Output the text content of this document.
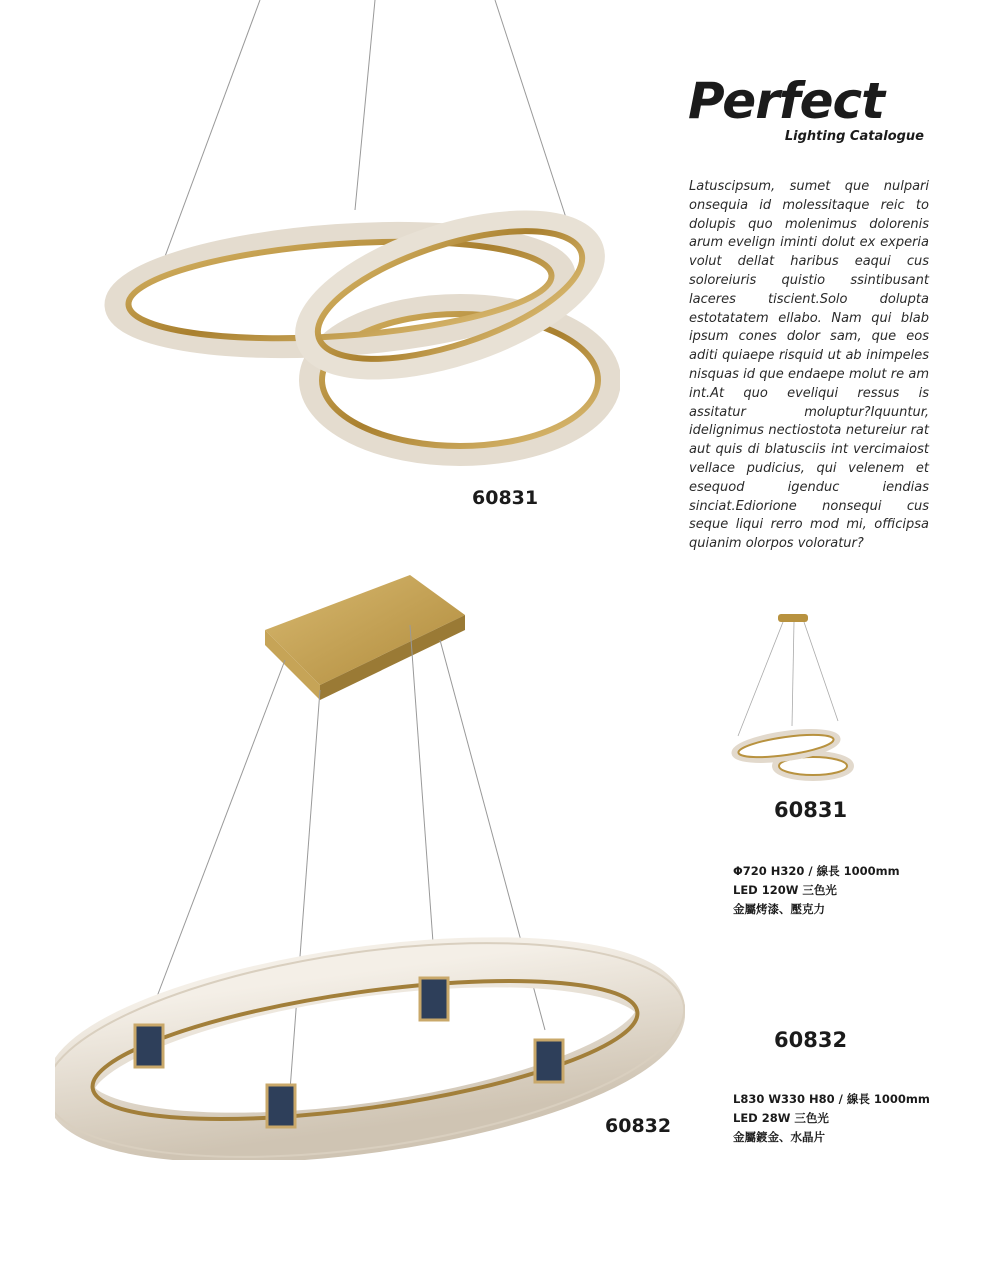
Perfect
Lighting Catalogue

Latuscipsum, sumet que nulpari onsequia id molessitaque reic to dolupis quo molenimus dolorenis arum evelign iminti dolut ex experia volut dellat haribus eaqui cus soloreiuris quistio ssintibusant laceres tiscient.Solo dolupta estotatatem ellabo. Nam qui blab ipsum cones dolor sam, que eos aditi quiaepe risquid ut ab inimpeles nisquas id que endaepe molut re am int.At quo eveliqui ressus is assitatur moluptur?Iquuntur, idelignimus nectiostota netureiur rat aut quis di blatusciis int vercimaiost vellace pudicius, qui velenem et esequod igenduc iendias sinciat.Ediorione nonsequi cus seque liqui rerro mod mi, officipsa quianim olorpos voloratur?

60831
60832
60831
Φ720 H320 / 線長 1000mm
LED 120W 三色光
金屬烤漆、壓克力
60832
L830 W330 H80 / 線長 1000mm
LED 28W 三色光
金屬鍍金、水晶片
